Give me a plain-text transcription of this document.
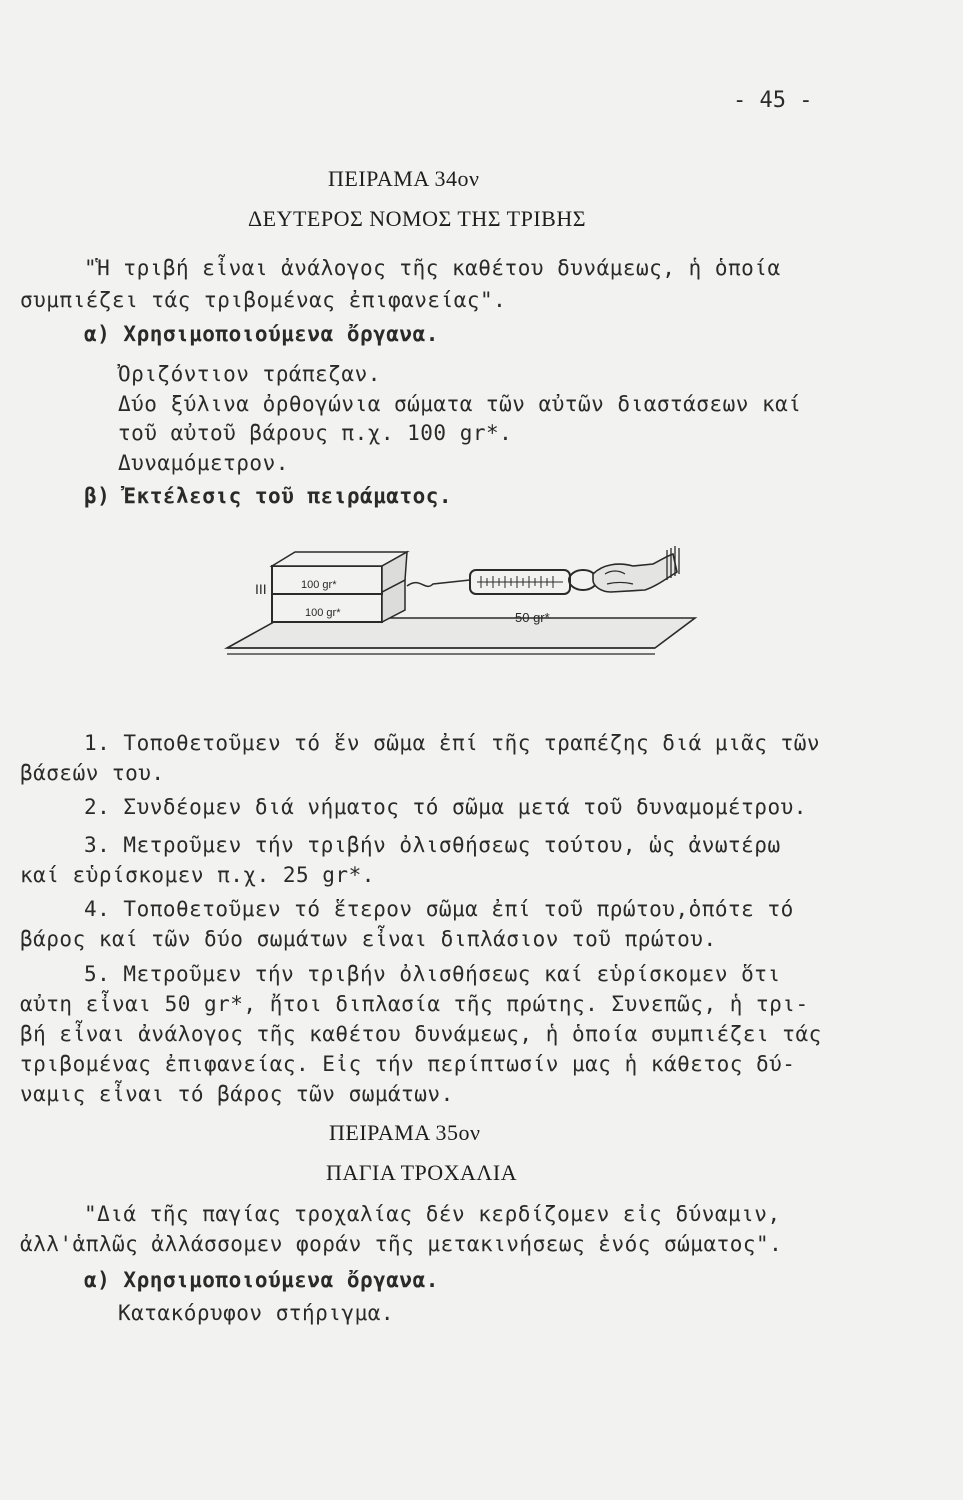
- 45 -
ΠΕΙΡΑΜΑ 34ον
ΔΕΥΤΕΡΟΣ ΝΟΜΟΣ ΤΗΣ ΤΡΙΒΗΣ
"Ἡ τριβή εἶναι ἀνάλογος τῆς καθέτου δυνάμεως, ἡ ὁποία
συμπιέζει τάς τριβομένας ἐπιφανείας".
α) Χρησιμοποιούμενα ὄργανα.
Ὀριζόντιον τράπεζαν.
Δύο ξύλινα ὀρθογώνια σώματα τῶν αὐτῶν διαστάσεων καί
τοῦ αὐτοῦ βάρους π.χ. 100 gr*.
Δυναμόμετρον.
β) Ἐκτέλεσις τοῦ πειράματος.
III	100 gr*
100 gr*	50 gr*
1. Τοποθετοῦμεν τό ἕν σῶμα ἐπί τῆς τραπέζης διά μιᾶς τῶν
βάσεών του.
2. Συνδέομεν διά νήματος τό σῶμα μετά τοῦ δυναμομέτρου.
3. Μετροῦμεν τήν τριβήν ὀλισθήσεως τούτου, ὡς ἀνωτέρω
καί εὑρίσκομεν π.χ. 25 gr*.
4. Τοποθετοῦμεν τό ἕτερον σῶμα ἐπί τοῦ πρώτου,ὁπότε τό
βάρος καί τῶν δύο σωμάτων εἶναι διπλάσιον τοῦ πρώτου.
5. Μετροῦμεν τήν τριβήν ὀλισθήσεως καί εὑρίσκομεν ὅτι
αὐτη εἶναι 50 gr*, ἤτοι διπλασία τῆς πρώτης. Συνεπῶς, ἡ τρι-
βή εἶναι ἀνάλογος τῆς καθέτου δυνάμεως, ἡ ὁποία συμπιέζει τάς
τριβομένας ἐπιφανείας. Εἰς τήν περίπτωσίν μας ἡ κάθετος δύ-
ναμις εἶναι τό βάρος τῶν σωμάτων.
ΠΕΙΡΑΜΑ 35ον
ΠΑΓΙΑ ΤΡΟΧΑΛΙΑ
"Διά τῆς παγίας τροχαλίας δέν κερδίζομεν εἰς δύναμιν,
ἀλλ'ἁπλῶς ἀλλάσσομεν φοράν τῆς μετακινήσεως ἑνός σώματος".
α) Χρησιμοποιούμενα ὄργανα.
Κατακόρυφον στήριγμα.
